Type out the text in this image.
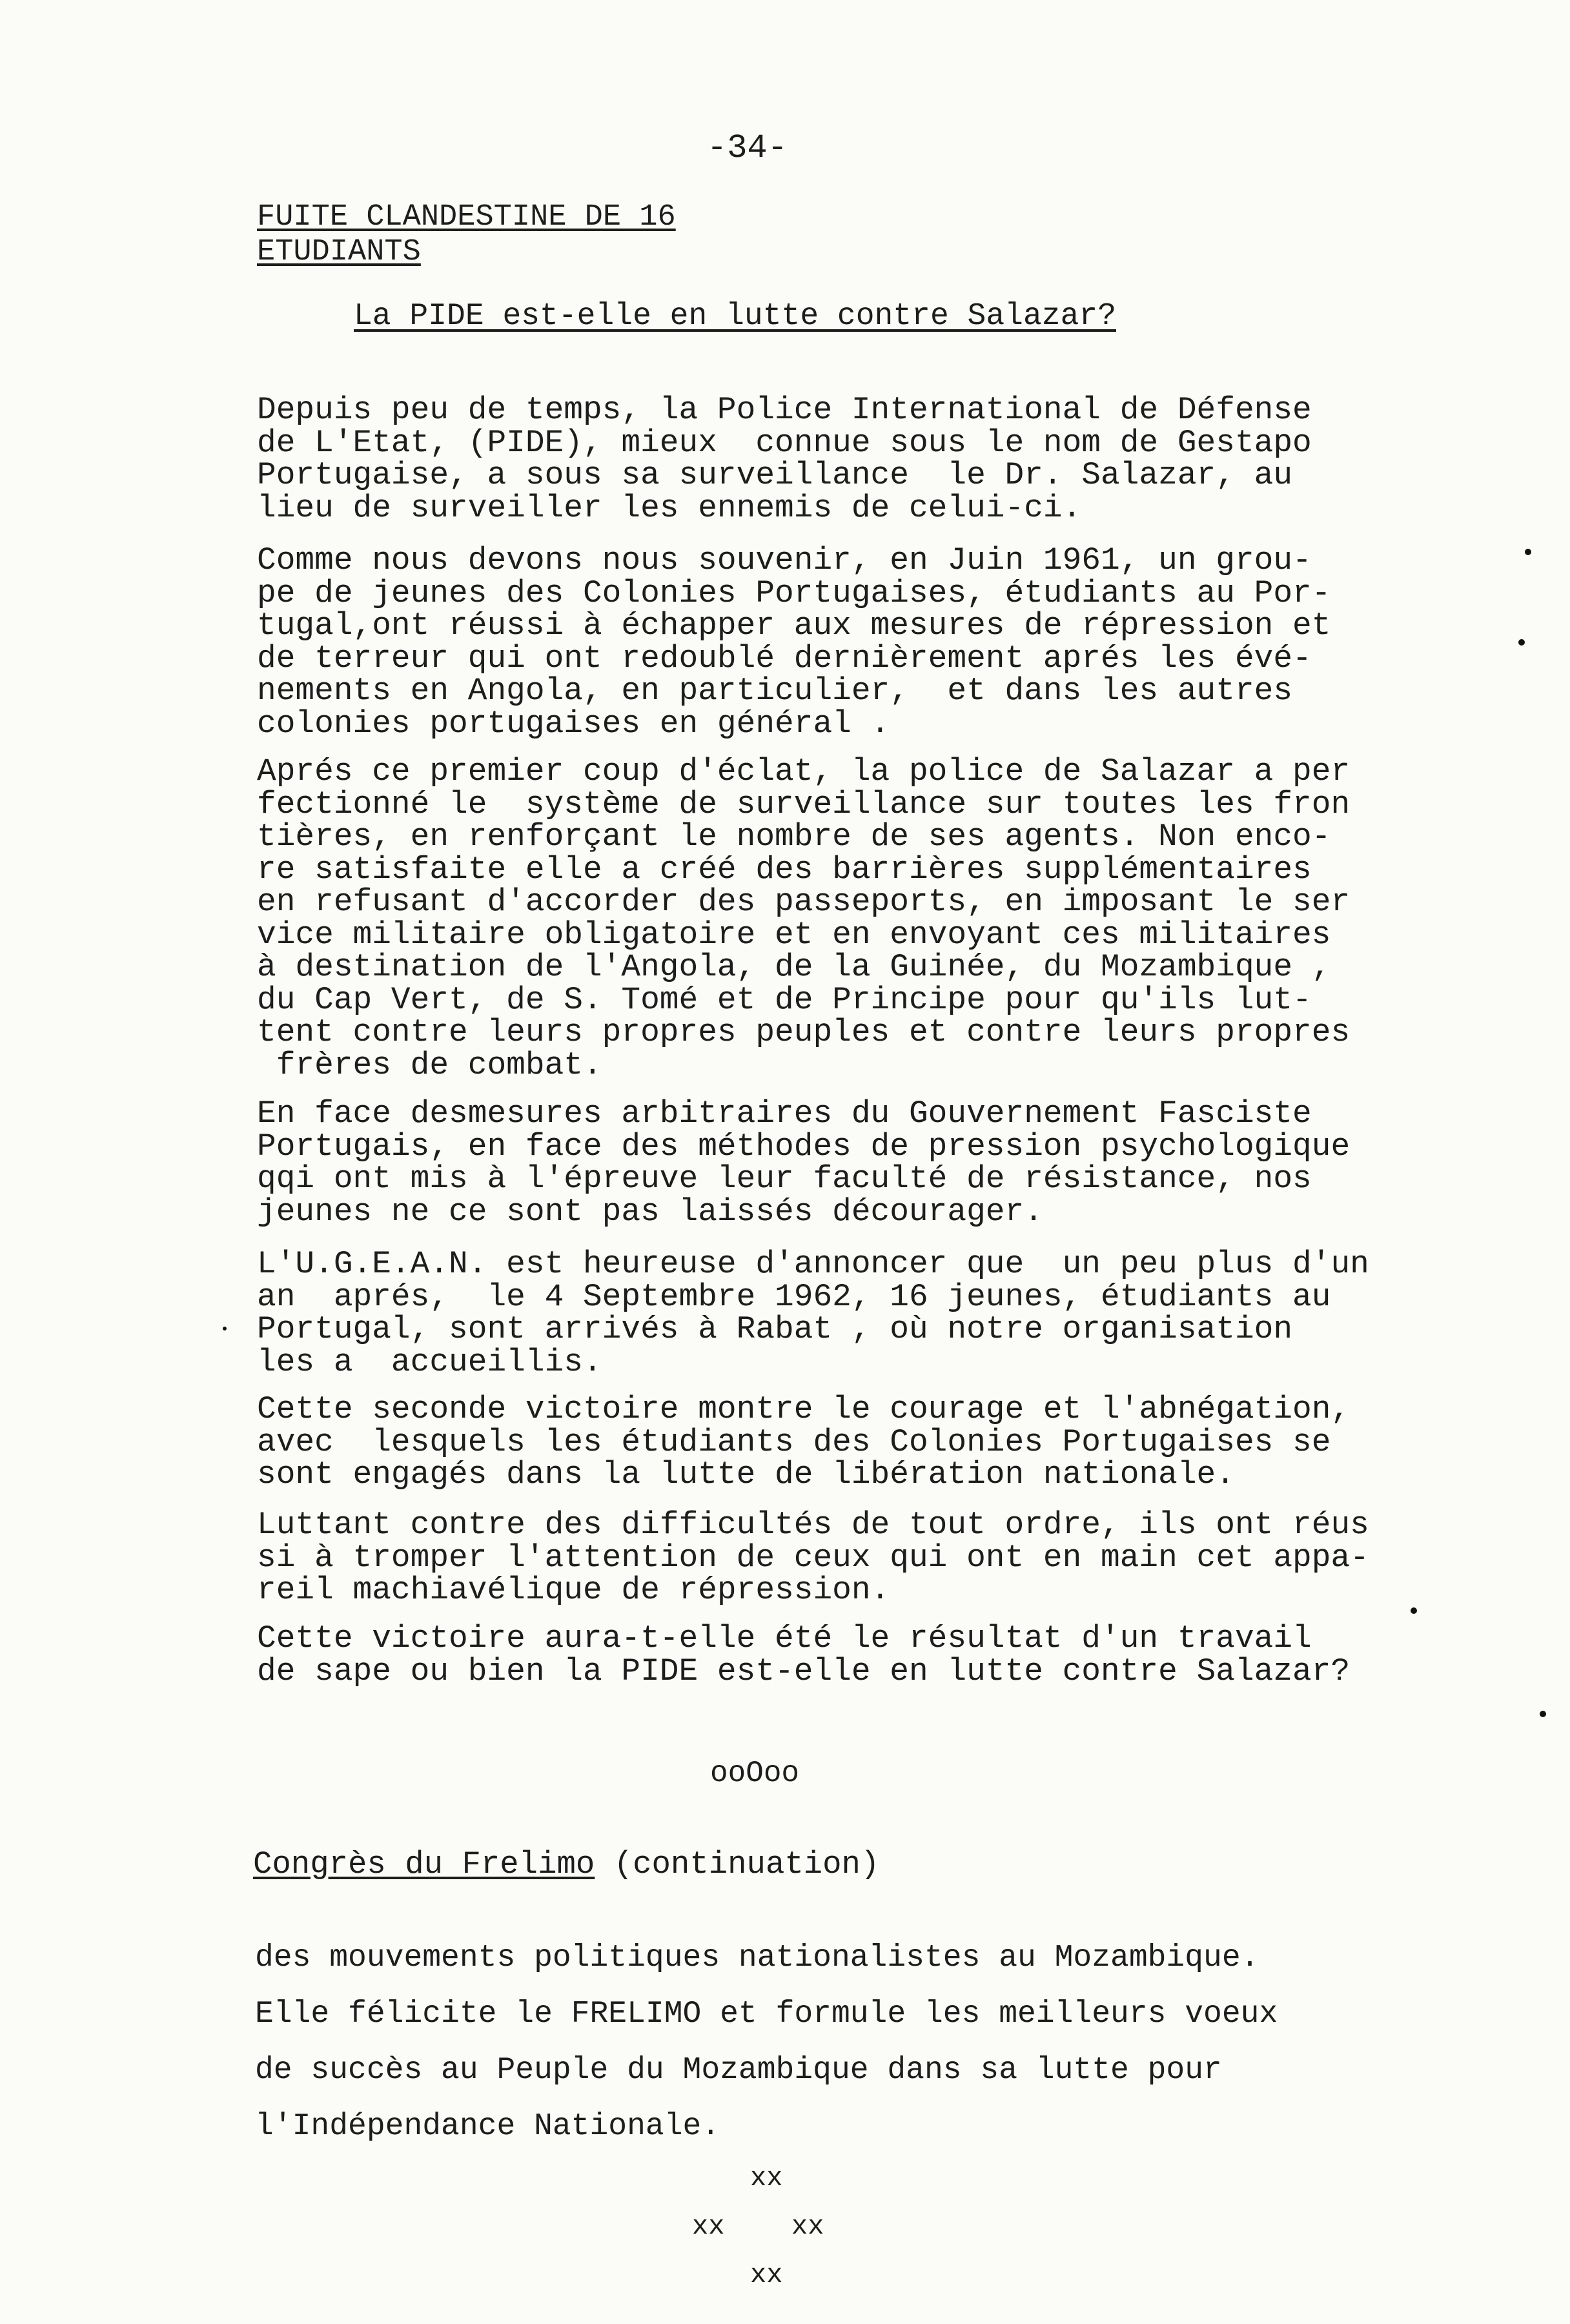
-34-
FUITE CLANDESTINE DE 16
ETUDIANTS
La PIDE est-elle en lutte contre Salazar?

Depuis peu de temps, la Police International de Défense
de L'Etat, (PIDE), mieux  connue sous le nom de Gestapo
Portugaise, a sous sa surveillance  le Dr. Salazar, au
lieu de surveiller les ennemis de celui-ci.

Comme nous devons nous souvenir, en Juin 1961, un grou-
pe de jeunes des Colonies Portugaises, étudiants au Por-
tugal,ont réussi à échapper aux mesures de répression et
de terreur qui ont redoublé dernièrement aprés les évé-
nements en Angola, en particulier,  et dans les autres
colonies portugaises en général .

Aprés ce premier coup d'éclat, la police de Salazar a per
fectionné le  système de surveillance sur toutes les fron
tières, en renforçant le nombre de ses agents. Non enco-
re satisfaite elle a créé des barrières supplémentaires
en refusant d'accorder des passeports, en imposant le ser
vice militaire obligatoire et en envoyant ces militaires
à destination de l'Angola, de la Guinée, du Mozambique ,
du Cap Vert, de S. Tomé et de Principe pour qu'ils lut-
tent contre leurs propres peuples et contre leurs propres
frères de combat.

En face desmesures arbitraires du Gouvernement Fasciste
Portugais, en face des méthodes de pression psychologique
qqi ont mis à l'épreuve leur faculté de résistance, nos
jeunes ne ce sont pas laissés décourager.

L'U.G.E.A.N. est heureuse d'annoncer que  un peu plus d'un
an  aprés,  le 4 Septembre 1962, 16 jeunes, étudiants au
Portugal, sont arrivés à Rabat , où notre organisation
les a  accueillis.

Cette seconde victoire montre le courage et l'abnégation,
avec  lesquels les étudiants des Colonies Portugaises se
sont engagés dans la lutte de libération nationale.

Luttant contre des difficultés de tout ordre, ils ont réus
si à tromper l'attention de ceux qui ont en main cet appa-
reil machiavélique de répression.

Cette victoire aura-t-elle été le résultat d'un travail
de sape ou bien la PIDE est-elle en lutte contre Salazar?

ooOoo
Congrès du Frelimo (continuation)

des mouvements politiques nationalistes au Mozambique.
Elle félicite le FRELIMO et formule les meilleurs voeux
de succès au Peuple du Mozambique dans sa lutte pour
l'Indépendance Nationale.

xx
xx xx
xx
